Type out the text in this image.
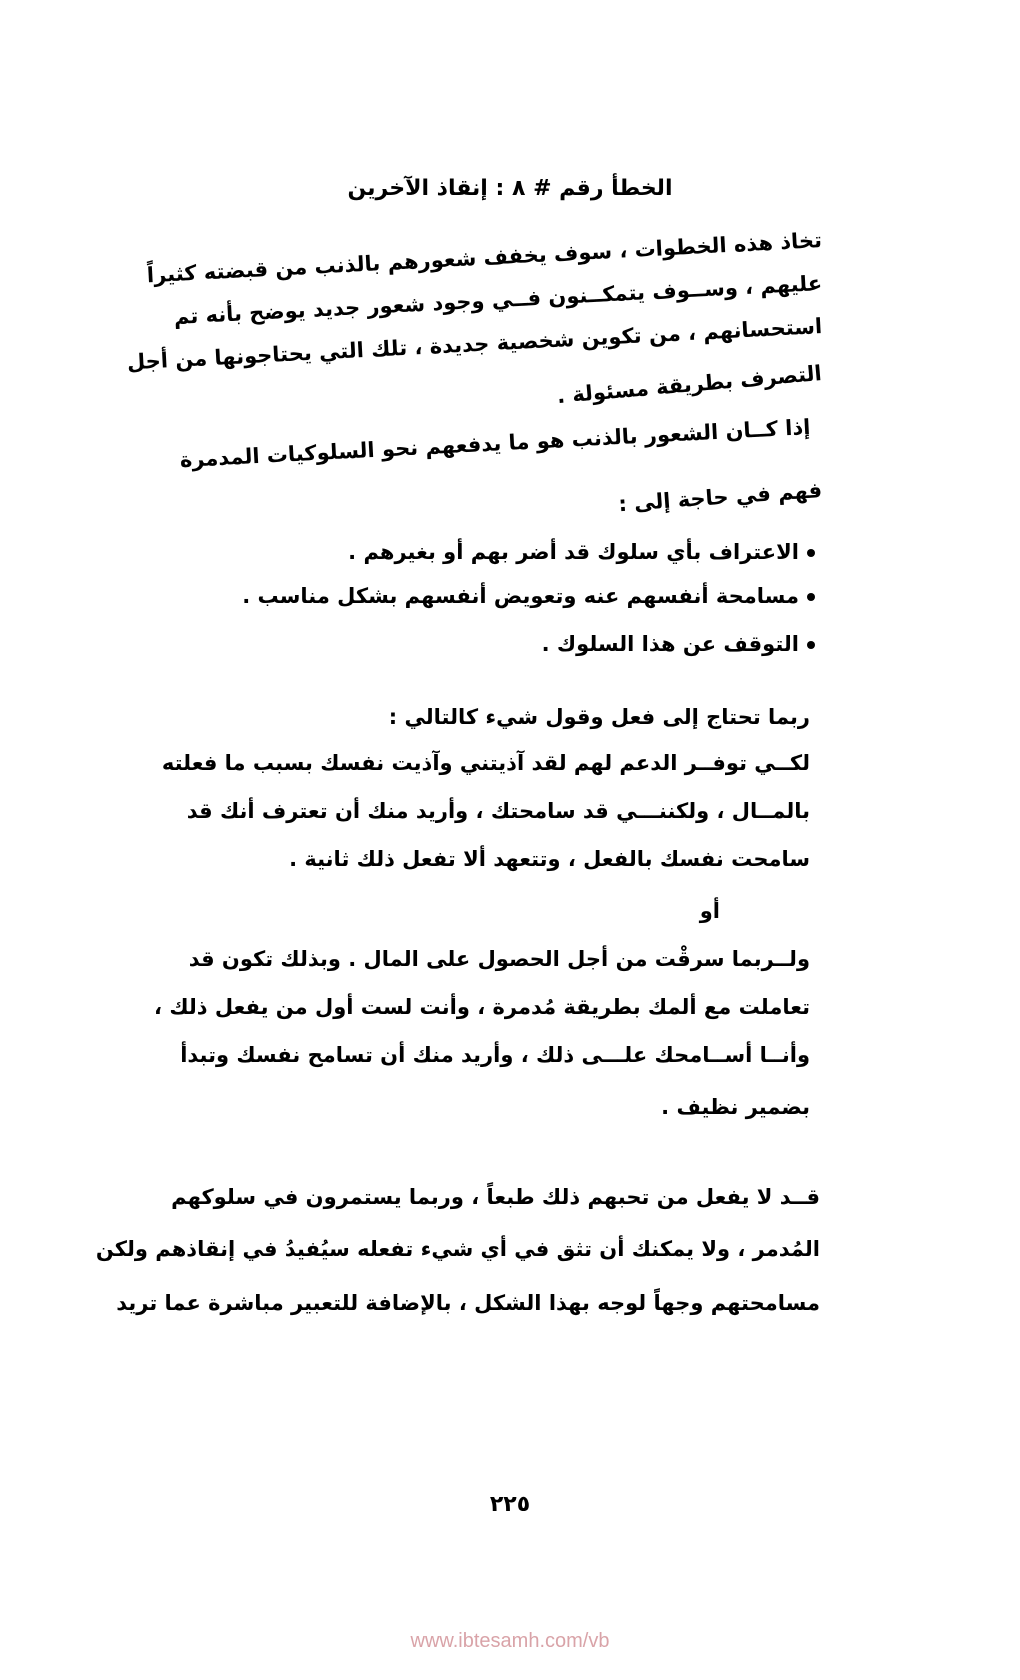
الخطأ رقم # ٨ : إنقاذ الآخرين
تخاذ هذه الخطوات ، سوف يخفف شعورهم بالذنب من قبضته كثيراً
عليهم ، وســوف يتمكــنون فــي وجود شعور جديد يوضح بأنه تم
استحسانهم ، من تكوين شخصية جديدة ، تلك التي يحتاجونها من أجل
التصرف بطريقة مسئولة .
إذا كــان الشعور بالذنب هو ما يدفعهم نحو السلوكيات المدمرة
فهم في حاجة إلى :
الاعتراف بأي سلوك قد أضر بهم أو بغيرهم .
مسامحة أنفسهم عنه وتعويض أنفسهم بشكل مناسب .
التوقف عن هذا السلوك .
ربما تحتاج إلى فعل وقول شيء كالتالي :
لكــي توفــر الدعم لهم لقد آذيتني وآذيت نفسك بسبب ما فعلته
بالمــال ، ولكننـــي قد سامحتك ، وأريد منك أن تعترف أنك قد
سامحت نفسك بالفعل ، وتتعهد ألا تفعل ذلك ثانية .
أو
ولــربما سرقْت من أجل الحصول على المال . وبذلك تكون قد
تعاملت مع ألمك بطريقة مُدمرة ، وأنت لست أول من يفعل ذلك ،
وأنــا أســامحك علـــى ذلك ، وأريد منك أن تسامح نفسك وتبدأ
بضمير نظيف .
قــد لا يفعل من تحبهم ذلك طبعاً ، وربما يستمرون في سلوكهم
المُدمر ، ولا يمكنك أن تثق في أي شيء تفعله سيُفيدُ في إنقاذهم ولكن
مسامحتهم وجهاً لوجه بهذا الشكل ، بالإضافة للتعبير مباشرة عما تريد
٢٢٥
www.ibtesamh.com/vb
